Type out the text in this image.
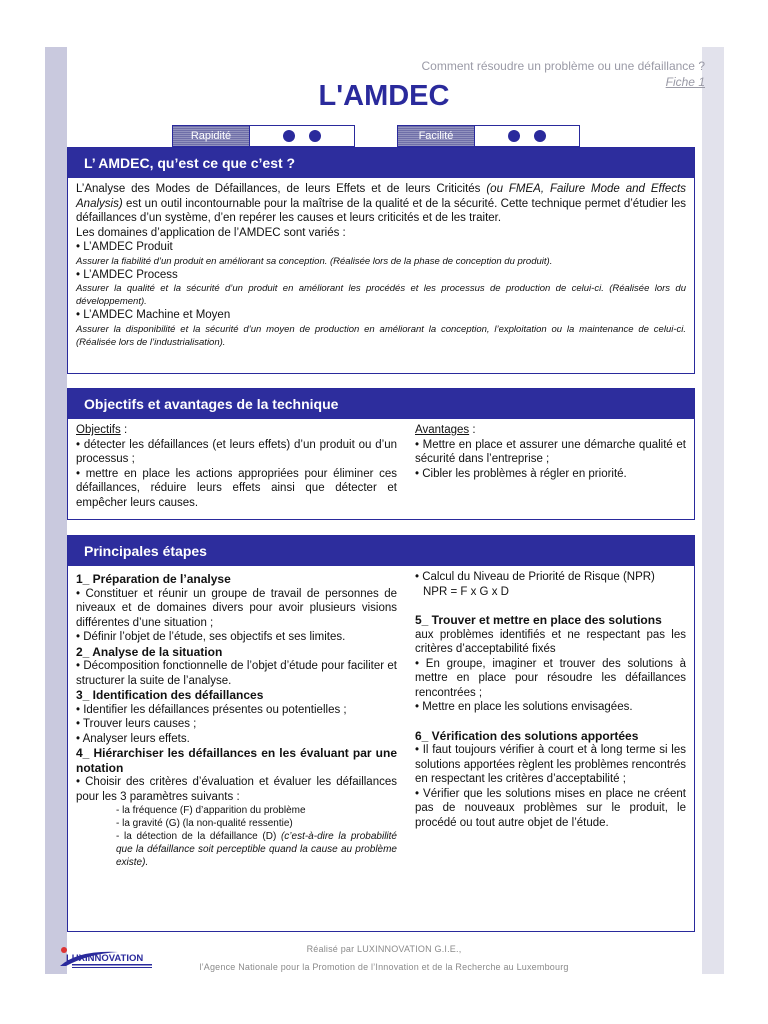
Comment résoudre un problème ou une défaillance ?
Fiche 1
L'AMDEC
Rapidité	Facilité
L’ AMDEC, qu’est ce que c’est ?

L’Analyse des Modes de Défaillances, de leurs Effets et de leurs Criticités (ou FMEA, Failure Mode and Effects Analysis) est un outil incontournable pour la maîtrise de la qualité et de la sécurité. Cette technique permet d’étudier les défaillances d’un système, d’en repérer les causes et leurs criticités et de les traiter.

Les domaines d’application de l’AMDEC sont variés :

• L’AMDEC Produit

Assurer la fiabilité d’un produit en améliorant sa conception. (Réalisée lors de la phase de conception du produit).

• L’AMDEC Process

Assurer la qualité et la sécurité d’un produit en améliorant les procédés et les processus de production de celui-ci. (Réalisée lors du développement).

• L’AMDEC Machine et Moyen

Assurer la disponibilité et la sécurité d’un moyen de production en améliorant la conception, l’exploitation ou la maintenance de celui-ci. (Réalisée lors de l’industrialisation).

Objectifs et avantages de la technique

Objectifs :

• détecter les défaillances (et leurs effets) d’un produit ou d’un processus ;

• mettre en place les actions appropriées pour éliminer ces défaillances, réduire leurs effets ainsi que détecter et empêcher leurs causes.

Avantages :

• Mettre en place et assurer une démarche qualité et sécurité dans l’entreprise ;

• Cibler les problèmes à régler en priorité.

Principales étapes

1_ Préparation de l’analyse

• Constituer et réunir un groupe de travail de personnes de niveaux et de domaines divers pour avoir plusieurs visions différentes d’une situation ;

• Définir l’objet de l’étude, ses objectifs et ses limites.

2_ Analyse de la situation

• Décomposition fonctionnelle de l’objet d’étude pour faciliter et structurer la suite de l’analyse.

3_ Identification des défaillances

• Identifier les défaillances présentes ou potentielles ;

• Trouver leurs causes ;

• Analyser leurs effets.

4_ Hiérarchiser les défaillances en les évaluant par une notation

• Choisir des critères d’évaluation et évaluer les défaillances pour les 3 paramètres suivants :

- la fréquence (F) d’apparition du problème

- la gravité (G) (la non-qualité ressentie)

- la détection de la défaillance (D) (c’est-à-dire la probabilité que la défaillance soit perceptible quand la cause au problème existe).

• Calcul du Niveau de Priorité de Risque (NPR)

NPR = F x G x D

5_ Trouver et mettre en place des solutions

aux problèmes identifiés et ne respectant pas les critères d’acceptabilité fixés

• En groupe, imaginer et trouver des solutions à mettre en place pour résoudre les défaillances rencontrées ;

• Mettre en place les solutions envisagées.

6_ Vérification des solutions apportées

• Il faut toujours vérifier à court et à long terme si les solutions apportées règlent les problèmes rencontrés en respectant les critères d’acceptabilité ;

• Vérifier que les solutions mises en place ne créent pas de nouveaux problèmes sur le produit, le procédé ou tout autre objet de l’étude.

LUXINNOVATION
Réalisé par LUXINNOVATION G.I.E.,
l’Agence Nationale pour la Promotion de l’Innovation et de la Recherche au Luxembourg
